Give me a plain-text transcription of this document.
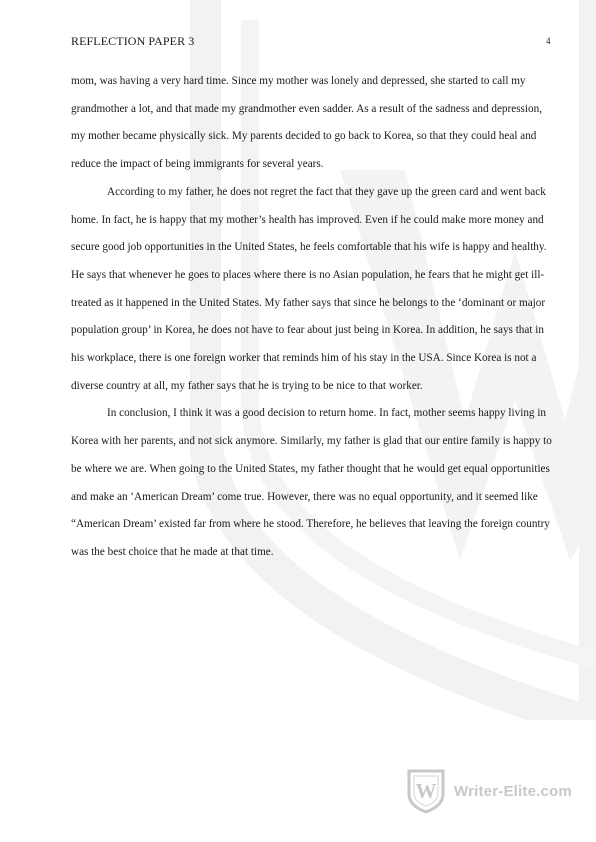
REFLECTION PAPER 3	4

mom, was having a very hard time. Since my mother was lonely and depressed, she started to call my grandmother a lot, and that made my grandmother even sadder. As a result of the sadness and depression, my mother became physically sick. My parents decided to go back to Korea, so that they could heal and reduce the impact of being immigrants for several years.

According to my father, he does not regret the fact that they gave up the green card and went back home. In fact, he is happy that my mother’s health has improved. Even if he could make more money and secure good job opportunities in the United States, he feels comfortable that his wife is happy and healthy. He says that whenever he goes to places where there is no Asian population, he fears that he might get ill-treated as it happened in the United States. My father says that since he belongs to the ‘dominant or major population group’ in Korea, he does not have to fear about just being in Korea. In addition, he says that in his workplace, there is one foreign worker that reminds him of his stay in the USA. Since Korea is not a diverse country at all, my father says that he is trying to be nice to that worker.

In conclusion, I think it was a good decision to return home. In fact, mother seems happy living in Korea with her parents, and not sick anymore. Similarly, my father is glad that our entire family is happy to be where we are. When going to the United States, my father thought that he would get equal opportunities and make an ‘American Dream’ come true. However, there was no equal opportunity, and it seemed like “American Dream’ existed far from where he stood. Therefore, he believes that leaving the foreign country was the best choice that he made at that time.

W Writer-Elite.com
